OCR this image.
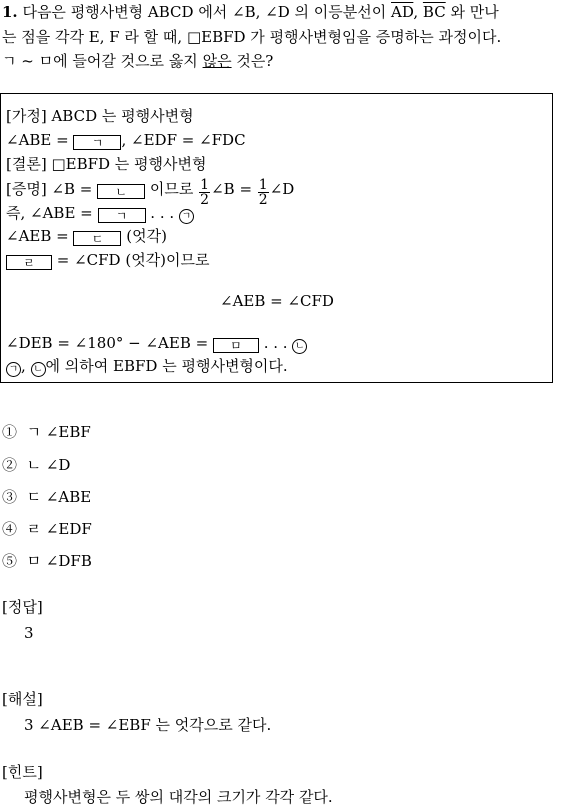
1. 다음은 평행사변형 ABCD 에서 ∠B, ∠D 의 이등분선이 $\overline{AD}$, $\overline{BC}$ 와 만나
는 점을 각각 E, F 라 할 때, □EBFD 가 평행사변형임을 증명하는 과정이다.
ㄱ ~ ㅁ에 들어갈 것으로 옳지 않은 것은?
[가정] ABCD 는 평행사변형
∠ABE = ㄱ , ∠EDF = ∠FDC
[결론] □EBFD 는 평행사변형
[증명] ∠B = ㄴ 이므로 $\frac{1}{2}$ ∠B = $\frac{1}{2}$ ∠D
즉, ∠ABE = ㄱ . . . ㄱ
∠AEB = ㄷ (엇각)
ㄹ = ∠CFD (엇각)이므로
∠AEB = ∠CFD
∠DEB = ∠180° − ∠AEB = ㅁ . . . ㄴ
ㄱ , ㄴ 에 의하여 EBFD 는 평행사변형이다.
① ㄱ ∠EBF
② ㄴ ∠D
③ ㄷ ∠ABE
④ ㄹ ∠EDF
⑤ ㅁ ∠DFB
[정답]
3
[해설]
3 ∠AEB = ∠EBF 는 엇각으로 같다.
[힌트]
평행사변형은 두 쌍의 대각의 크기가 각각 같다.
